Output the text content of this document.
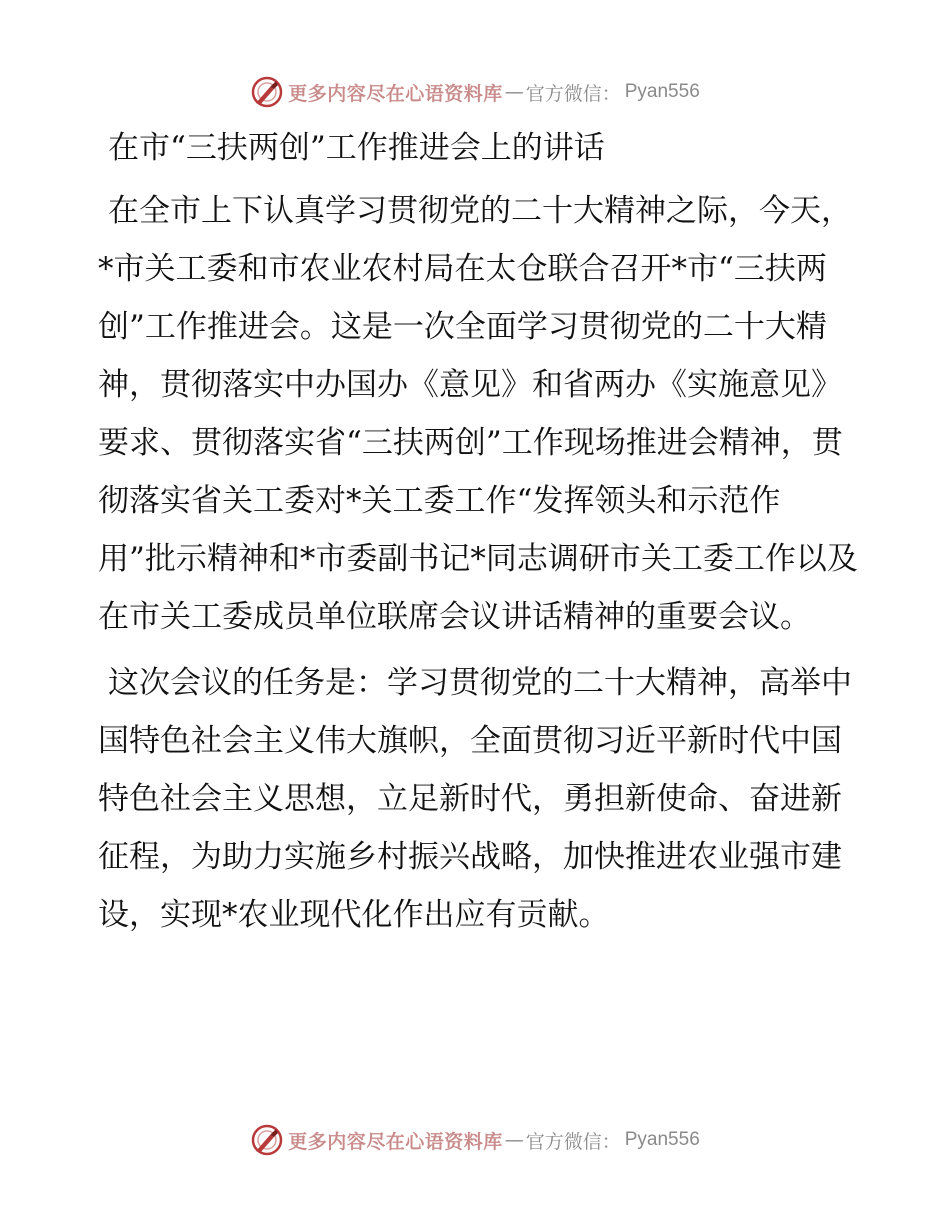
更多内容尽在心语资料库 — 官方微信： Pyan556
在市“三扶两创”工作推进会上的讲话

在全市上下认真学习贯彻党的二十大精神之际，今天，*市关工委和市农业农村局在太仓联合召开*市“三扶两创”工作推进会。这是一次全面学习贯彻党的二十大精神，贯彻落实中办国办《意见》和省两办《实施意见》要求、贯彻落实省“三扶两创”工作现场推进会精神，贯彻落实省关工委对*关工委工作“发挥领头和示范作用”批示精神和*市委副书记*同志调研市关工委工作以及在市关工委成员单位联席会议讲话精神的重要会议。

这次会议的任务是：学习贯彻党的二十大精神，高举中国特色社会主义伟大旗帜，全面贯彻习近平新时代中国特色社会主义思想，立足新时代，勇担新使命、奋进新征程，为助力实施乡村振兴战略，加快推进农业强市建设，实现*农业现代化作出应有贡献。

更多内容尽在心语资料库 — 官方微信： Pyan556
